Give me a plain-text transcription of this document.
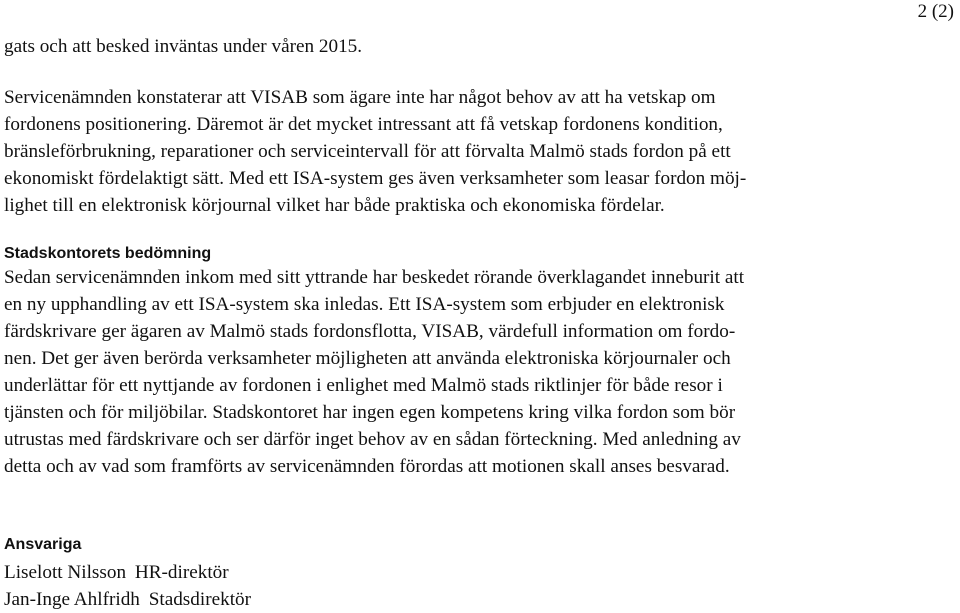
2 (2)

gats och att besked inväntas under våren 2015.

Servicenämnden konstaterar att VISAB som ägare inte har något behov av att ha vetskap om
fordonens positionering. Däremot är det mycket intressant att få vetskap fordonens kondition,
bränsleförbrukning, reparationer och serviceintervall för att förvalta Malmö stads fordon på ett
ekonomiskt fördelaktigt sätt. Med ett ISA-system ges även verksamheter som leasar fordon möj-
lighet till en elektronisk körjournal vilket har både praktiska och ekonomiska fördelar.

Stadskontorets bedömning

Sedan servicenämnden inkom med sitt yttrande har beskedet rörande överklagandet inneburit att
en ny upphandling av ett ISA-system ska inledas. Ett ISA-system som erbjuder en elektronisk
färdskrivare ger ägaren av Malmö stads fordonsflotta, VISAB, värdefull information om fordo-
nen. Det ger även berörda verksamheter möjligheten att använda elektroniska körjournaler och
underlättar för ett nyttjande av fordonen i enlighet med Malmö stads riktlinjer för både resor i
tjänsten och för miljöbilar. Stadskontoret har ingen egen kompetens kring vilka fordon som bör
utrustas med färdskrivare och ser därför inget behov av en sådan förteckning. Med anledning av
detta och av vad som framförts av servicenämnden förordas att motionen skall anses besvarad.

Ansvariga
Liselott Nilsson HR-direktör
Jan-Inge Ahlfridh Stadsdirektör
